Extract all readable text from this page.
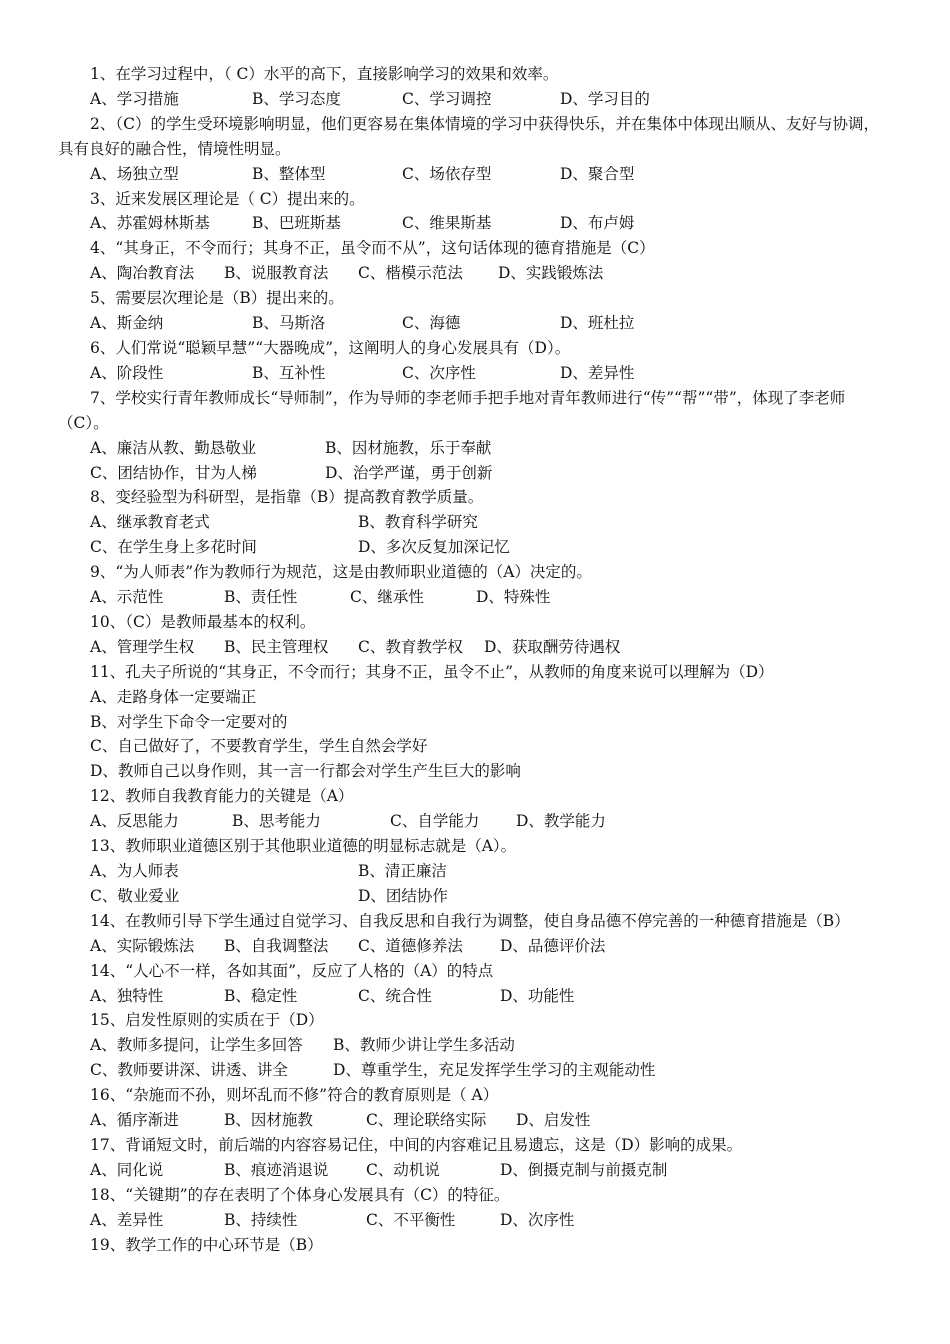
1、在学习过程中，（ C）水平的高下，直接影响学习的效果和效率。

A、学习措施	B、学习态度	C、学习调控	D、学习目的

2、（C）的学生受环境影响明显，他们更容易在集体情境的学习中获得快乐，并在集体中体现出顺从、友好与协调，具有良好的融合性，情境性明显。

A、场独立型	B、整体型	C、场依存型	D、聚合型

3、近来发展区理论是（ C）提出来的。

A、苏霍姆林斯基	B、巴班斯基	C、维果斯基	D、布卢姆

4、“其身正，不令而行；其身不正，虽令而不从”，这句话体现的德育措施是（C）

A、陶冶教育法	B、说服教育法	C、楷模示范法	D、实践锻炼法

5、需要层次理论是（B）提出来的。

A、斯金纳	B、马斯洛	C、海德	D、班杜拉

6、人们常说“聪颖早慧”“大器晚成”，这阐明人的身心发展具有（D）。

A、阶段性	B、互补性	C、次序性	D、差异性

7、学校实行青年教师成长“导师制”，作为导师的李老师手把手地对青年教师进行“传”“帮”“带”，体现了李老师（C）。

A、廉洁从教、勤恳敬业	B、因材施教，乐于奉献
C、团结协作，甘为人梯	D、治学严谨，勇于创新

8、变经验型为科研型，是指靠（B）提高教育教学质量。

A、继承教育老式	B、教育科学研究
C、在学生身上多花时间	D、多次反复加深记忆

9、“为人师表”作为教师行为规范，这是由教师职业道德的（A）决定的。

A、示范性	B、责任性	C、继承性	D、特殊性

10、（C）是教师最基本的权利。

A、管理学生权	B、民主管理权	C、教育教学权	D、获取酬劳待遇权

11、孔夫子所说的“其身正，不令而行；其身不正，虽令不止”，从教师的角度来说可以理解为（D）

A、走路身体一定要端正

B、对学生下命令一定要对的

C、自己做好了，不要教育学生，学生自然会学好

D、教师自己以身作则，其一言一行都会对学生产生巨大的影响

12、教师自我教育能力的关键是（A）

A、反思能力	B、思考能力	C、自学能力	D、教学能力

13、教师职业道德区别于其他职业道德的明显标志就是（A）。

A、为人师表	B、清正廉洁
C、敬业爱业	D、团结协作

14、在教师引导下学生通过自觉学习、自我反思和自我行为调整，使自身品德不停完善的一种德育措施是（B）

A、实际锻炼法	B、自我调整法	C、道德修养法	D、品德评价法

14、“人心不一样，各如其面”，反应了人格的（A）的特点

A、独特性	B、稳定性	C、统合性	D、功能性

15、启发性原则的实质在于（D）

A、教师多提问，让学生多回答	B、教师少讲让学生多活动
C、教师要讲深、讲透、讲全	D、尊重学生，充足发挥学生学习的主观能动性

16、“杂施而不孙，则坏乱而不修”符合的教育原则是（ A）

A、循序渐进	B、因材施教	C、理论联络实际	D、启发性

17、背诵短文时，前后端的内容容易记住，中间的内容难记且易遗忘，这是（D）影响的成果。

A、同化说	B、痕迹消退说	C、动机说	D、倒摄克制与前摄克制

18、“关键期”的存在表明了个体身心发展具有（C）的特征。

A、差异性	B、持续性	C、不平衡性	D、次序性

19、教学工作的中心环节是（B）
